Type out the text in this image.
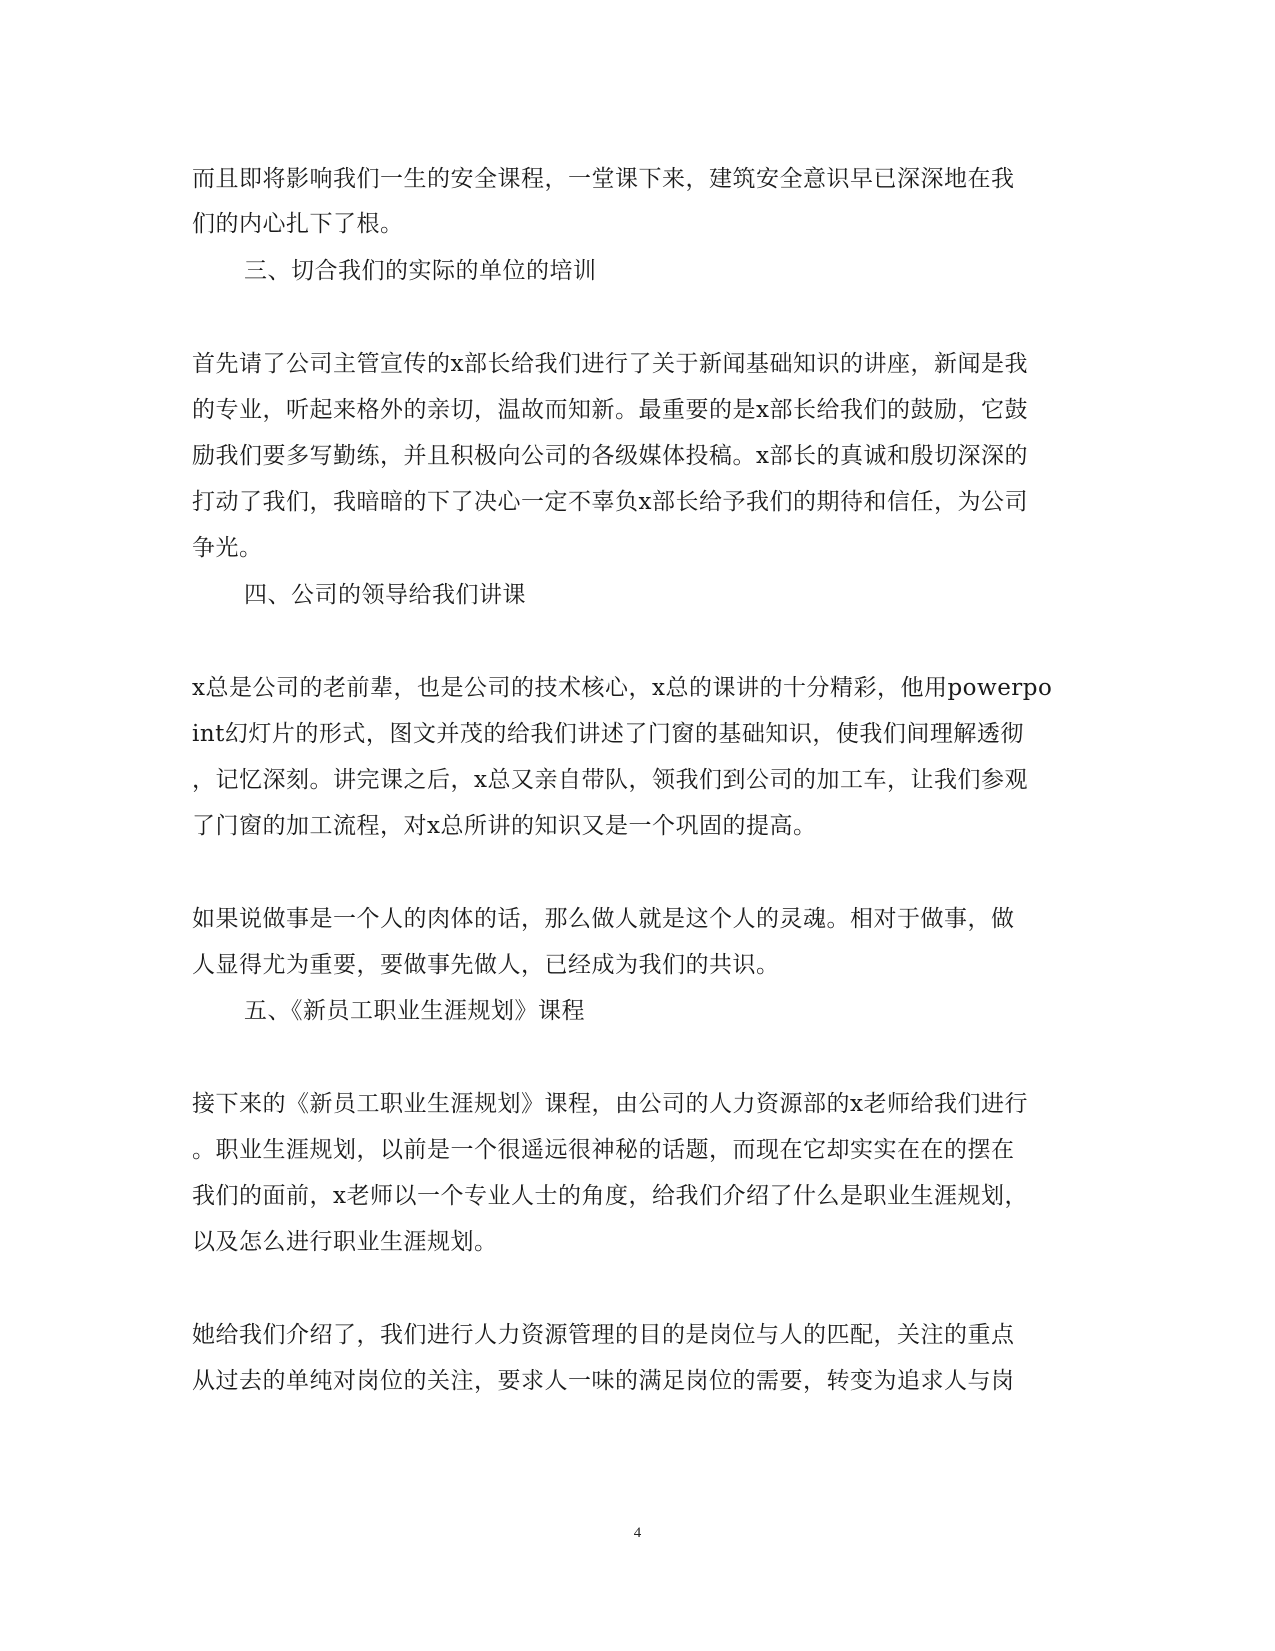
而且即将影响我们一生的安全课程，一堂课下来，建筑安全意识早已深深地在我
们的内心扎下了根。
三、切合我们的实际的单位的培训
首先请了公司主管宣传的x部长给我们进行了关于新闻基础知识的讲座，新闻是我
的专业，听起来格外的亲切，温故而知新。最重要的是x部长给我们的鼓励，它鼓
励我们要多写勤练，并且积极向公司的各级媒体投稿。x部长的真诚和殷切深深的
打动了我们，我暗暗的下了决心一定不辜负x部长给予我们的期待和信任，为公司
争光。
四、公司的领导给我们讲课
x总是公司的老前辈，也是公司的技术核心，x总的课讲的十分精彩，他用powerpo
int幻灯片的形式，图文并茂的给我们讲述了门窗的基础知识，使我们间理解透彻
，记忆深刻。讲完课之后，x总又亲自带队，领我们到公司的加工车，让我们参观
了门窗的加工流程，对x总所讲的知识又是一个巩固的提高。
如果说做事是一个人的肉体的话，那么做人就是这个人的灵魂。相对于做事，做
人显得尤为重要，要做事先做人，已经成为我们的共识。
五、《新员工职业生涯规划》课程
接下来的《新员工职业生涯规划》课程，由公司的人力资源部的x老师给我们进行
。职业生涯规划，以前是一个很遥远很神秘的话题，而现在它却实实在在的摆在
我们的面前，x老师以一个专业人士的角度，给我们介绍了什么是职业生涯规划，
以及怎么进行职业生涯规划。
她给我们介绍了，我们进行人力资源管理的目的是岗位与人的匹配，关注的重点
从过去的单纯对岗位的关注，要求人一味的满足岗位的需要，转变为追求人与岗
4
